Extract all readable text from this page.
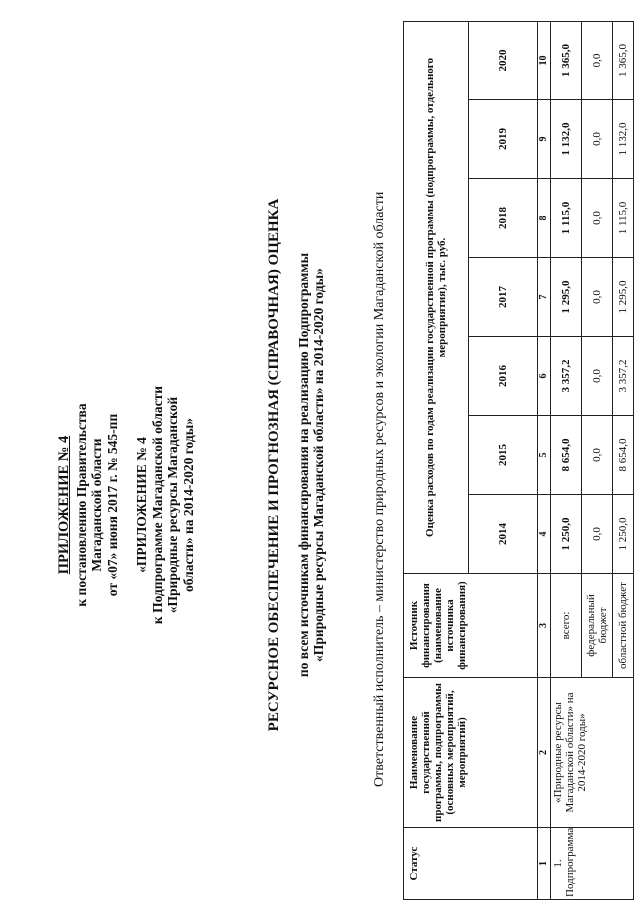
ПРИЛОЖЕНИЕ № 4 к постановлению Правительства Магаданской области от «07» июня 2017 г. № 545-пп «ПРИЛОЖЕНИЕ № 4 к Подпрограмме Магаданской области «Природные ресурсы Магаданской области» на 2014-2020 годы»	РЕСУРСНОЕ ОБЕСПЕЧЕНИЕ И ПРОГНОЗНАЯ (СПРАВОЧНАЯ) ОЦЕНКА по всем источникам финансирования на реализацию Подпрограммы «Природные ресурсы Магаданской области» на 2014-2020 годы»	Ответственный исполнитель – министерство природных ресурсов и экологии Магаданской области
Статус	Наименование государственной программы, подпрограммы (основных мероприятий, мероприятий)	Источник финансирования (наименование источника финансирования)	Оценка расходов по годам реализации государственной программы (подпрограммы, отдельного мероприятия), тыс. руб.						
			2014	2015	2016	2017	2018	2019	2020
1	2	3	4	5	6	7	8	9	10

1. Подпрограмма	«Природные ресурсы Магаданской области» на 2014-2020 годы»	всего:	1 250,0	8 654,0	3 357,2	1 295,0	1 115,0	1 132,0	1 365,0
		федеральный бюджет	0,0	0,0	0,0	0,0	0,0	0,0	0,0
		областной бюджет	1 250,0	8 654,0	3 357,2	1 295,0	1 115,0	1 132,0	1 365,0
